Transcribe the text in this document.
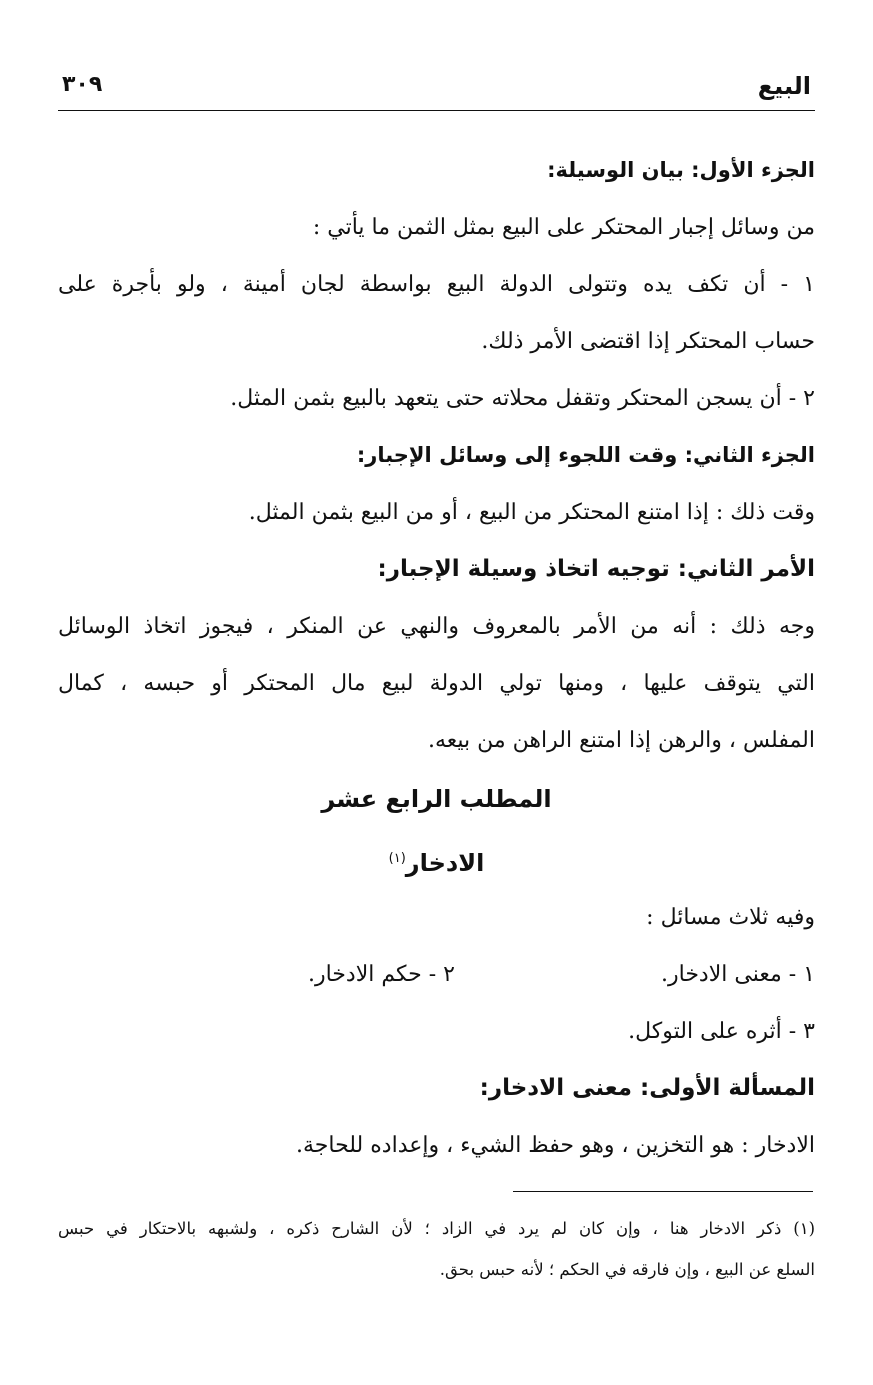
البيع
٣٠٩
الجزء الأول: بيان الوسيلة:
من وسائل إجبار المحتكر على البيع بمثل الثمن ما يأتي :
١ - أن تكف يده وتتولى الدولة البيع بواسطة لجان أمينة ، ولو بأجرة على
حساب المحتكر إذا اقتضى الأمر ذلك.
٢ - أن يسجن المحتكر وتقفل محلاته حتى يتعهد بالبيع بثمن المثل.
الجزء الثاني: وقت اللجوء إلى وسائل الإجبار:
وقت ذلك : إذا امتنع المحتكر من البيع ، أو من البيع بثمن المثل.
الأمر الثاني: توجيه اتخاذ وسيلة الإجبار:
وجه ذلك : أنه من الأمر بالمعروف والنهي عن المنكر ، فيجوز اتخاذ الوسائل
التي يتوقف عليها ، ومنها تولي الدولة لبيع مال المحتكر أو حبسه ، كمال
المفلس ، والرهن إذا امتنع الراهن من بيعه.
المطلب الرابع عشر
الادخار$^{(١)}$
وفيه ثلاث مسائل :
١ - معنى الادخار.
٢ - حكم الادخار.
٣ - أثره على التوكل.
المسألة الأولى: معنى الادخار:
الادخار : هو التخزين ، وهو حفظ الشيء ، وإعداده للحاجة.
(١) ذكر الادخار هنا ، وإن كان لم يرد في الزاد ؛ لأن الشارح ذكره ، ولشبهه بالاحتكار في حبس
السلع عن البيع ، وإن فارقه في الحكم ؛ لأنه حبس بحق.
